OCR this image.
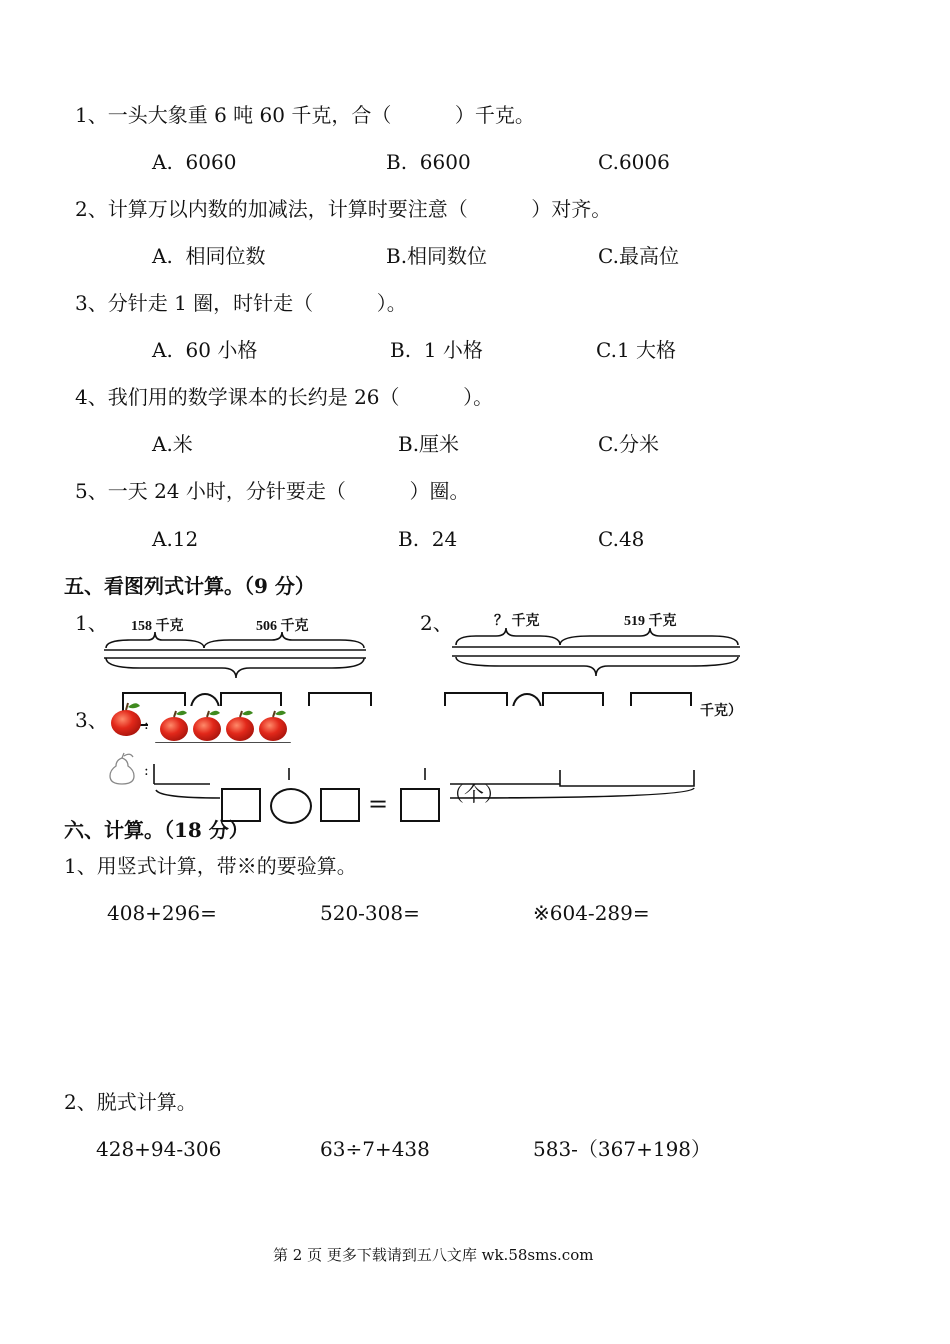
1、一头大象重 6 吨 60 千克，合（          ）千克。
A.  6060	B.  6600	C.6006
2、计算万以内数的加减法，计算时要注意（          ）对齐。
A.  相同位数	B.相同数位	C.最高位
3、分针走 1 圈，时针走（          ）。
A.  60 小格	B.  1 小格	C.1 大格
4、我们用的数学课本的长约是 26（          ）。
A.米	B.厘米	C.分米
5、一天 24 小时，分针要走（          ）圈。
A.12	B.  24	C.48
五、看图列式计算。（9 分）
1、 158 千克	506 千克	2、	？ 千克	519 千克
千克）
3、	:
:
=	（个）
六、计算。（18 分）
1、用竖式计算，带※的要验算。
408+296=	520-308=	※604-289=
2、脱式计算。
428+94-306	63÷7+438	583-（367+198）
第 2 页 更多下载请到五八文库 wk.58sms.com
